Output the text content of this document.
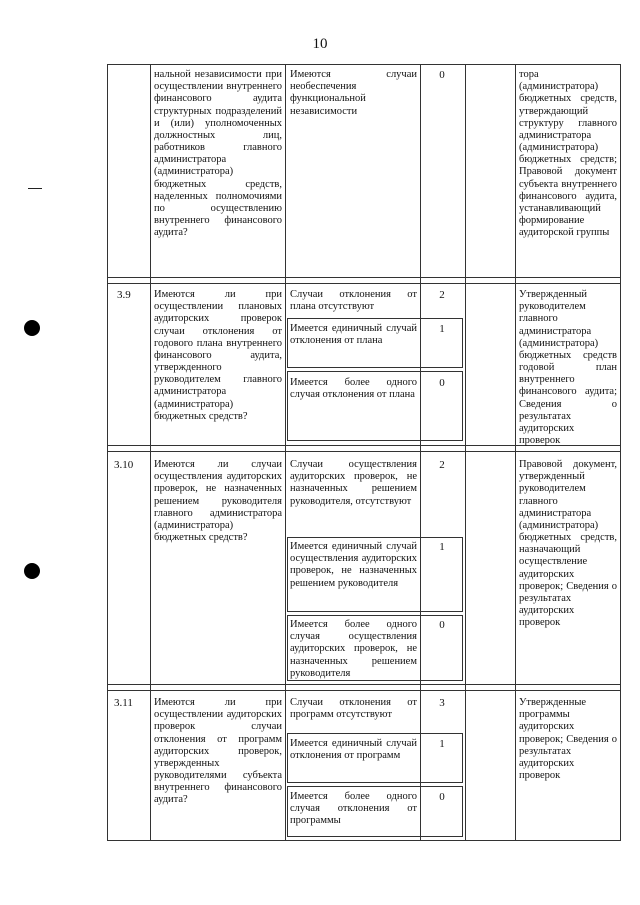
10
нальной независимости при осуществлении внутреннего финансового аудита структурных подразделений и (или) уполномоченных должностных лиц, работников главного администратора (администратора) бюджетных средств, наделенных полномочиями по осуществлению внутреннего финансового аудита?
Имеются случаи необеспечения функциональной независимости
0	тора (администратора) бюджетных средств, утверждающий структуру главного администратора (администратора) бюджетных средств; Правовой документ субъекта внутреннего финансового аудита, устанавливающий формирование аудиторской группы
3.9 Имеются ли при осуществлении плановых аудиторских проверок случаи отклонения от годового плана внутреннего финансового аудита, утвержденного руководителем главного администратора (администратора) бюджетных средств?
Случаи отклонения от плана отсутствуют
2
Имеется единичный случай отклонения от плана
1
Имеется более одного случая отклонения от плана
0
Утвержденный руководителем главного администратора (администратора) бюджетных средств годовой план внутреннего финансового аудита; Сведения о результатах аудиторских проверок
3.10 Имеются ли случаи осуществления аудиторских проверок, не назначенных решением руководителя главного администратора (администратора) бюджетных средств?
Случаи осуществления аудиторских проверок, не назначенных решением руководителя, отсутствуют
2
Имеется единичный случай осуществления аудиторских проверок, не назначенных решением руководителя
1
Имеется более одного случая осуществления аудиторских проверок, не назначенных решением руководителя
0
Правовой документ, утвержденный руководителем главного администратора (администратора) бюджетных средств, назначающий осуществление аудиторских проверок; Сведения о результатах аудиторских проверок
3.11 Имеются ли при осуществлении аудиторских проверок случаи отклонения от программ аудиторских проверок, утвержденных руководителями субъекта внутреннего финансового аудита?
Случаи отклонения от программ отсутствуют
3
Имеется единичный случай отклонения от программ
1
Имеется более одного случая отклонения от программы
0
Утвержденные программы аудиторских проверок; Сведения о результатах аудиторских проверок
